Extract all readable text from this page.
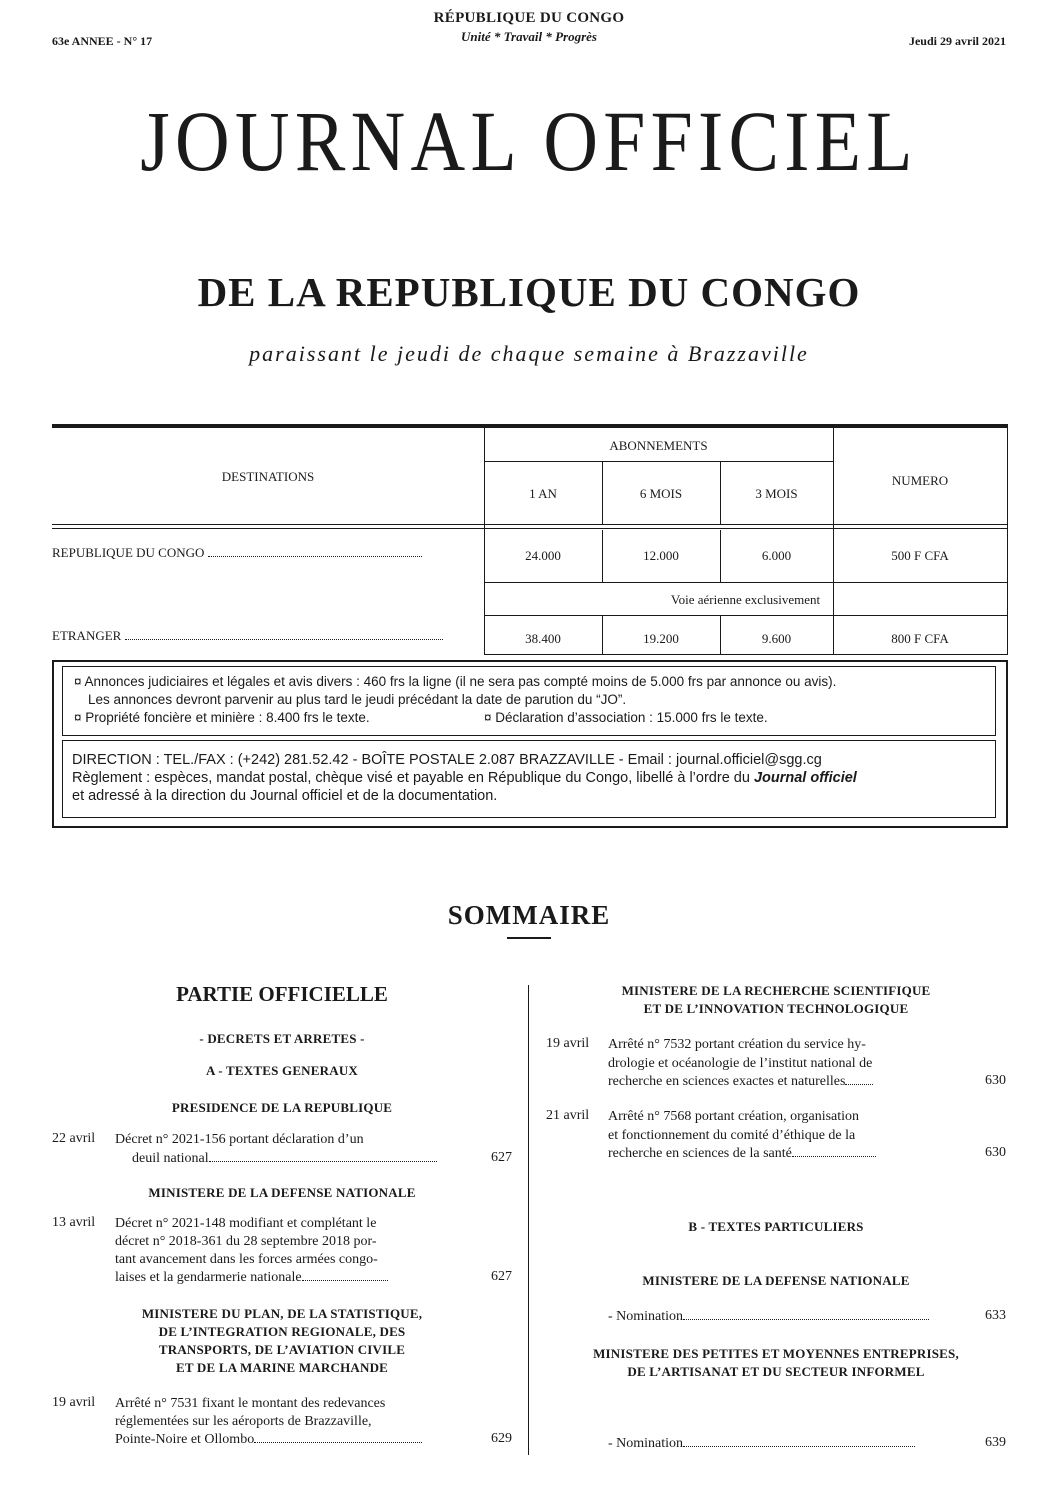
63e ANNEE - N° 17
RÉPUBLIQUE DU CONGO
Unité * Travail * Progrès	Jeudi 29 avril 2021
JOURNAL OFFICIEL
DE LA REPUBLIQUE DU CONGO
paraissant le jeudi de chaque semaine à Brazzaville
DESTINATIONS
ABONNEMENTS
NUMERO
1 AN	6 MOIS	3 MOIS
REPUBLIQUE DU CONGO	24.000	12.000	6.000	500 F CFA
Voie aérienne exclusivement
ETRANGER	38.400	19.200	9.600	800 F CFA
¤ Annonces judiciaires et légales et avis divers : 460 frs la ligne (il ne sera pas compté moins de 5.000 frs par annonce ou avis).
Les annonces devront parvenir au plus tard le jeudi précédant la date de parution du “JO”.
¤ Propriété foncière et minière : 8.400 frs le texte.	¤ Déclaration d’association : 15.000 frs le texte.
DIRECTION : TEL./FAX : (+242) 281.52.42 - BOÎTE POSTALE 2.087 BRAZZAVILLE - Email : journal.officiel@sgg.cg
Règlement : espèces, mandat postal, chèque visé et payable en République du Congo, libellé à l’ordre du Journal officiel
et adressé à la direction du Journal officiel et de la documentation.
SOMMAIRE
PARTIE OFFICIELLE
- DECRETS ET ARRETES -
A - TEXTES GENERAUX
PRESIDENCE DE LA REPUBLIQUE
22 avril Décret n° 2021-156 portant déclaration d’un
deuil national	627
MINISTERE DE LA DEFENSE NATIONALE
13 avril Décret n° 2021-148 modifiant et complétant le
décret n° 2018-361 du 28 septembre 2018 por-
tant avancement dans les forces armées congo-
laises et la gendarmerie nationale	627
MINISTERE DU PLAN, DE LA STATISTIQUE,
DE L’INTEGRATION REGIONALE, DES
TRANSPORTS, DE L’AVIATION CIVILE
ET DE LA MARINE MARCHANDE
19 avril Arrêté n° 7531 fixant le montant des redevances
réglementées sur les aéroports de Brazzaville,
Pointe-Noire et Ollombo	629
MINISTERE DE LA RECHERCHE SCIENTIFIQUE
ET DE L’INNOVATION TECHNOLOGIQUE
19 avril Arrêté n° 7532 portant création du service hy-
drologie et océanologie de l’institut national de
recherche en sciences exactes et naturelles	630
21 avril Arrêté n° 7568 portant création, organisation
et fonctionnement du comité d’éthique de la
recherche en sciences de la santé	630
B - TEXTES PARTICULIERS
MINISTERE DE LA DEFENSE NATIONALE
- Nomination	633
MINISTERE DES PETITES ET MOYENNES ENTREPRISES,
DE L’ARTISANAT ET DU SECTEUR INFORMEL
- Nomination	639
